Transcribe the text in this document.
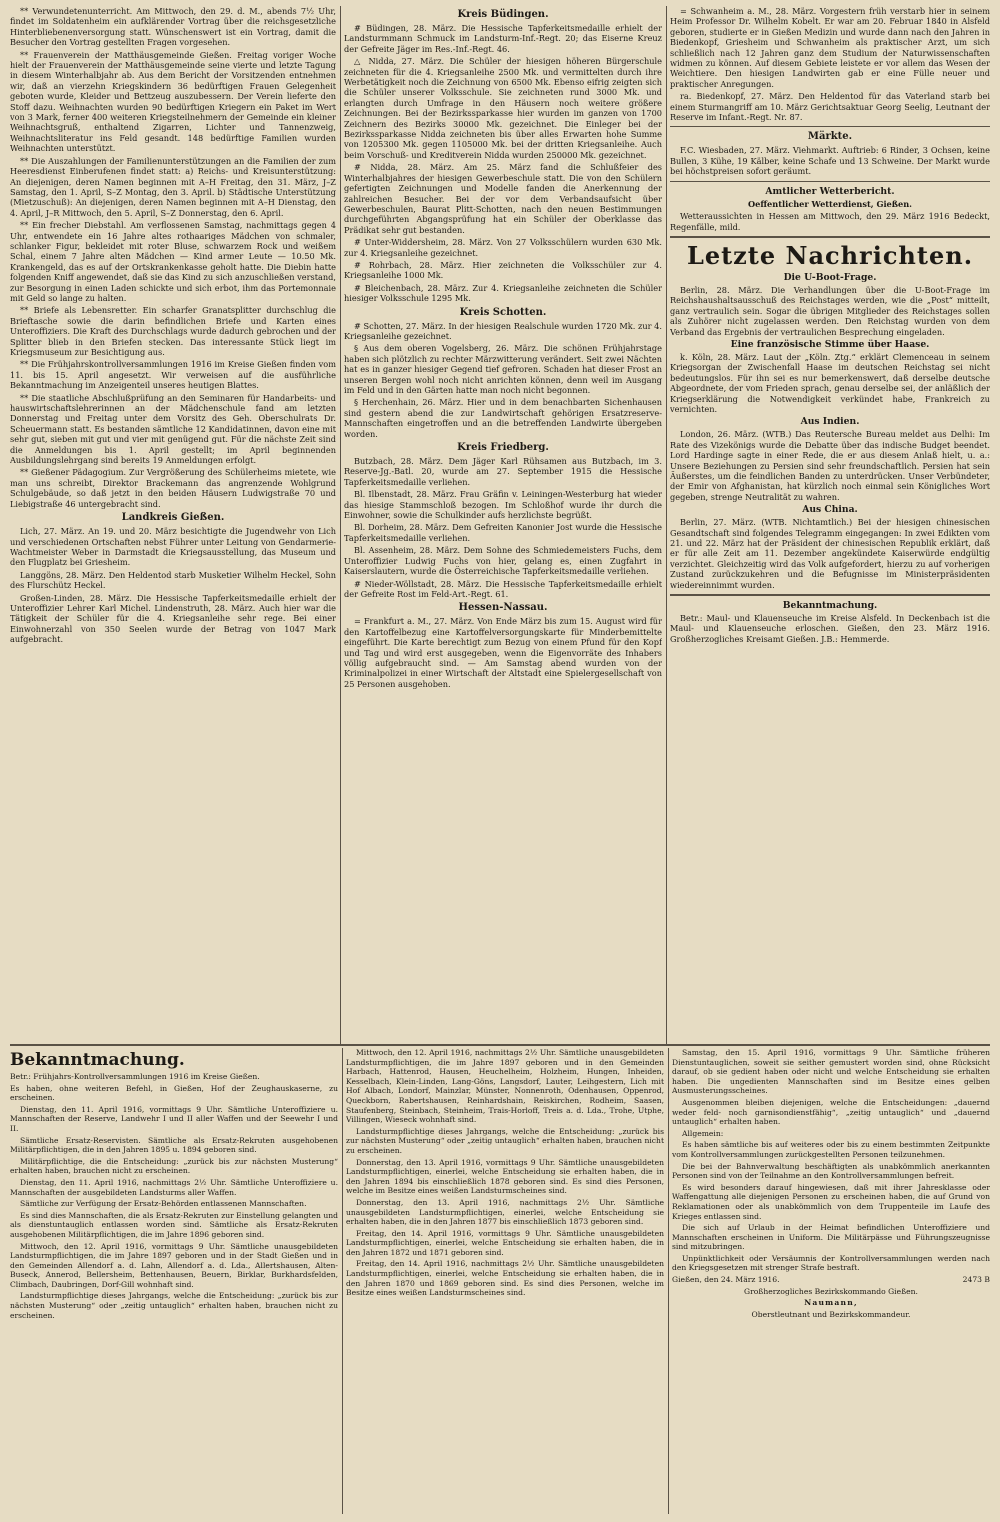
** Verwundetenunterricht. Am Mittwoch, den 29. d. M., abends 7½ Uhr, findet im Soldatenheim ein aufklärender Vortrag über die reichsgesetzliche Hinterbliebenenversorgung statt. Wünschenswert ist ein Vortrag, damit die Besucher den Vortrag gestellten Fragen vorgesehen.

** Frauenverein der Matthäusgemeinde Gießen. Freitag voriger Woche hielt der Frauenverein der Matthäusgemeinde seine vierte und letzte Tagung in diesem Winterhalbjahr ab. Aus dem Bericht der Vorsitzenden entnehmen wir, daß an vierzehn Kriegskindern 36 bedürftigen Frauen Gelegenheit geboten wurde, Kleider und Bettzeug auszubessern. Der Verein lieferte den Stoff dazu. Weihnachten wurden 90 bedürftigen Kriegern ein Paket im Wert von 3 Mark, ferner 400 weiteren Kriegsteilnehmern der Gemeinde ein kleiner Weihnachtsgruß, enthaltend Zigarren, Lichter und Tannenzweig, Weihnachtsliteratur ins Feld gesandt. 148 bedürftige Familien wurden Weihnachten unterstützt.

** Die Auszahlungen der Familienunterstützungen an die Familien der zum Heeresdienst Einberufenen findet statt: a) Reichs- und Kreisunterstützung: An diejenigen, deren Namen beginnen mit A–H Freitag, den 31. März, J–Z Samstag, den 1. April, S–Z Montag, den 3. April. b) Städtische Unterstützung (Mietzuschuß): An diejenigen, deren Namen beginnen mit A–H Dienstag, den 4. April, J–R Mittwoch, den 5. April, S–Z Donnerstag, den 6. April.

** Ein frecher Diebstahl. Am verflossenen Samstag, nachmittags gegen 4 Uhr, entwendete ein 16 Jahre altes rothaariges Mädchen von schmaler, schlanker Figur, bekleidet mit roter Bluse, schwarzem Rock und weißem Schal, einem 7 Jahre alten Mädchen — Kind armer Leute — 10.50 Mk. Krankengeld, das es auf der Ortskrankenkasse geholt hatte. Die Diebin hatte folgenden Kniff angewendet, daß sie das Kind zu sich anzuschließen verstand, zur Besorgung in einen Laden schickte und sich erbot, ihm das Portemonnaie mit Geld so lange zu halten.

** Briefe als Lebensretter. Ein scharfer Granatsplitter durchschlug die Brieftasche sowie die darin befindlichen Briefe und Karten eines Unteroffiziers. Die Kraft des Durchschlags wurde dadurch gebrochen und der Splitter blieb in den Briefen stecken. Das interessante Stück liegt im Kriegsmuseum zur Besichtigung aus.

** Die Frühjahrskontrollversammlungen 1916 im Kreise Gießen finden vom 11. bis 15. April angesetzt. Wir verweisen auf die ausführliche Bekanntmachung im Anzeigenteil unseres heutigen Blattes.

** Die staatliche Abschlußprüfung an den Seminaren für Handarbeits- und hauswirtschaftslehrerinnen an der Mädchenschule fand am letzten Donnerstag und Freitag unter dem Vorsitz des Geh. Oberschulrats Dr. Scheuermann statt. Es bestanden sämtliche 12 Kandidatinnen, davon eine mit sehr gut, sieben mit gut und vier mit genügend gut. Für die nächste Zeit sind die Anmeldungen bis 1. April gestellt; im April beginnenden Ausbildungslehrgang sind bereits 19 Anmeldungen erfolgt.

** Gießener Pädagogium. Zur Vergrößerung des Schülerheims mietete, wie man uns schreibt, Direktor Brackemann das angrenzende Wohlgrund Schulgebäude, so daß jetzt in den beiden Häusern Ludwigstraße 70 und Liebigstraße 46 untergebracht sind.

Landkreis Gießen.

Lich, 27. März. An 19. und 20. März besichtigte die Jugendwehr von Lich und verschiedenen Ortschaften nebst Führer unter Leitung von Gendarmerie-Wachtmeister Weber in Darmstadt die Kriegsausstellung, das Museum und den Flugplatz bei Griesheim.

Langgöns, 28. März. Den Heldentod starb Musketier Wilhelm Heckel, Sohn des Flurschütz Heckel.

Großen-Linden, 28. März. Die Hessische Tapferkeitsmedaille erhielt der Unteroffizier Lehrer Karl Michel. Lindenstruth, 28. März. Auch hier war die Tätigkeit der Schüler für die 4. Kriegsanleihe sehr rege. Bei einer Einwohnerzahl von 350 Seelen wurde der Betrag von 1047 Mark aufgebracht.

Kreis Büdingen.

# Büdingen, 28. März. Die Hessische Tapferkeitsmedaille erhielt der Landsturmmann Schmuck im Landsturm-Inf.-Regt. 20; das Eiserne Kreuz der Gefreite Jäger im Res.-Inf.-Regt. 46.

△ Nidda, 27. März. Die Schüler der hiesigen höheren Bürgerschule zeichneten für die 4. Kriegsanleihe 2500 Mk. und vermittelten durch ihre Werbetätigkeit noch die Zeichnung von 6500 Mk. Ebenso eifrig zeigten sich die Schüler unserer Volksschule. Sie zeichneten rund 3000 Mk. und erlangten durch Umfrage in den Häusern noch weitere größere Zeichnungen. Bei der Bezirkssparkasse hier wurden im ganzen von 1700 Zeichnern des Bezirks 30000 Mk. gezeichnet. Die Einleger bei der Bezirkssparkasse Nidda zeichneten bis über alles Erwarten hohe Summe von 1205300 Mk. gegen 1105000 Mk. bei der dritten Kriegsanleihe. Auch beim Vorschuß- und Kreditverein Nidda wurden 250000 Mk. gezeichnet.

# Nidda, 28. März. Am 25. März fand die Schlußfeier des Winterhalbjahres der hiesigen Gewerbeschule statt. Die von den Schülern gefertigten Zeichnungen und Modelle fanden die Anerkennung der zahlreichen Besucher. Bei der vor dem Verbandsaufsicht über Gewerbeschulen, Baurat Plitt-Schotten, nach den neuen Bestimmungen durchgeführten Abgangsprüfung hat ein Schüler der Oberklasse das Prädikat sehr gut bestanden.

# Unter-Widdersheim, 28. März. Von 27 Volksschülern wurden 630 Mk. zur 4. Kriegsanleihe gezeichnet.

# Rohrbach, 28. März. Hier zeichneten die Volksschüler zur 4. Kriegsanleihe 1000 Mk.

# Bleichenbach, 28. März. Zur 4. Kriegsanleihe zeichneten die Schüler hiesiger Volksschule 1295 Mk.

Kreis Schotten.

# Schotten, 27. März. In der hiesigen Realschule wurden 1720 Mk. zur 4. Kriegsanleihe gezeichnet.

§ Aus dem oberen Vogelsberg, 26. März. Die schönen Frühjahrstage haben sich plötzlich zu rechter Märzwitterung verändert. Seit zwei Nächten hat es in ganzer hiesiger Gegend tief gefroren. Schaden hat dieser Frost an unseren Bergen wohl noch nicht anrichten können, denn weil im Ausgang im Feld und in den Gärten hatte man noch nicht begonnen.

§ Herchenhain, 26. März. Hier und in dem benachbarten Sichenhausen sind gestern abend die zur Landwirtschaft gehörigen Ersatzreserve-Mannschaften eingetroffen und an die betreffenden Landwirte übergeben worden.

Kreis Friedberg.

Butzbach, 28. März. Dem Jäger Karl Rühsamen aus Butzbach, im 3. Reserve-Jg.-Batl. 20, wurde am 27. September 1915 die Hessische Tapferkeitsmedaille verliehen.

Bl. Ilbenstadt, 28. März. Frau Gräfin v. Leiningen-Westerburg hat wieder das hiesige Stammschloß bezogen. Im Schloßhof wurde ihr durch die Einwohner, sowie die Schulkinder aufs herzlichste begrüßt.

Bl. Dorheim, 28. März. Dem Gefreiten Kanonier Jost wurde die Hessische Tapferkeitsmedaille verliehen.

Bl. Assenheim, 28. März. Dem Sohne des Schmiedemeisters Fuchs, dem Unteroffizier Ludwig Fuchs von hier, gelang es, einen Zugfahrt in Kaiserslautern, wurde die Österreichische Tapferkeitsmedaille verliehen.

# Nieder-Wöllstadt, 28. März. Die Hessische Tapferkeitsmedaille erhielt der Gefreite Rost im Feld-Art.-Regt. 61.

Hessen-Nassau.

= Frankfurt a. M., 27. März. Von Ende März bis zum 15. August wird für den Kartoffelbezug eine Kartoffelversorgungskarte für Minderbemittelte eingeführt. Die Karte berechtigt zum Bezug von einem Pfund für den Kopf und Tag und wird erst ausgegeben, wenn die Eigenvorräte des Inhabers völlig aufgebraucht sind. — Am Samstag abend wurden von der Kriminalpolizei in einer Wirtschaft der Altstadt eine Spielergesellschaft von 25 Personen ausgehoben.

= Schwanheim a. M., 28. März. Vorgestern früh verstarb hier in seinem Heim Professor Dr. Wilhelm Kobelt. Er war am 20. Februar 1840 in Alsfeld geboren, studierte er in Gießen Medizin und wurde dann nach den Jahren in Biedenkopf, Griesheim und Schwanheim als praktischer Arzt, um sich schließlich nach 12 Jahren ganz dem Studium der Naturwissenschaften widmen zu können. Auf diesem Gebiete leistete er vor allem das Wesen der Weichtiere. Den hiesigen Landwirten gab er eine Fülle neuer und praktischer Anregungen.

ra. Biedenkopf, 27. März. Den Heldentod für das Vaterland starb bei einem Sturmangriff am 10. März Gerichtsaktuar Georg Seelig, Leutnant der Reserve im Infant.-Regt. Nr. 87.

Märkte.

F.C. Wiesbaden, 27. März. Viehmarkt. Auftrieb: 6 Rinder, 3 Ochsen, keine Bullen, 3 Kühe, 19 Kälber, keine Schafe und 13 Schweine. Der Markt wurde bei höchstpreisen sofort geräumt.

Amtlicher Wetterbericht.

Oeffentlicher Wetterdienst, Gießen.

Wetteraussichten in Hessen am Mittwoch, den 29. März 1916 Bedeckt, Regenfälle, mild.

Letzte Nachrichten.
Die U-Boot-Frage.

Berlin, 28. März. Die Verhandlungen über die U-Boot-Frage im Reichshaushaltsausschuß des Reichstages werden, wie die „Post“ mitteilt, ganz vertraulich sein. Sogar die übrigen Mitglieder des Reichstages sollen als Zuhörer nicht zugelassen werden. Den Reichstag wurden von dem Verband das Ergebnis der vertraulichen Besprechung eingeladen.

Eine französische Stimme über Haase.

k. Köln, 28. März. Laut der „Köln. Ztg.“ erklärt Clemenceau in seinem Kriegsorgan der Zwischenfall Haase im deutschen Reichstag sei nicht bedeutungslos. Für ihn sei es nur bemerkenswert, daß derselbe deutsche Abgeordnete, der vom Frieden sprach, genau derselbe sei, der anläßlich der Kriegserklärung die Notwendigkeit verkündet habe, Frankreich zu vernichten.

Aus Indien.

London, 26. März. (WTB.) Das Reutersche Bureau meldet aus Delhi: Im Rate des Vizekönigs wurde die Debatte über das indische Budget beendet. Lord Hardinge sagte in einer Rede, die er aus diesem Anlaß hielt, u. a.: Unsere Beziehungen zu Persien sind sehr freundschaftlich. Persien hat sein Äußerstes, um die feindlichen Banden zu unterdrücken. Unser Verbündeter, der Emir von Afghanistan, hat kürzlich noch einmal sein Königliches Wort gegeben, strenge Neutralität zu wahren.

Aus China.

Berlin, 27. März. (WTB. Nichtamtlich.) Bei der hiesigen chinesischen Gesandtschaft sind folgendes Telegramm eingegangen: In zwei Edikten vom 21. und 22. März hat der Präsident der chinesischen Republik erklärt, daß er für alle Zeit am 11. Dezember angekündete Kaiserwürde endgültig verzichtet. Gleichzeitig wird das Volk aufgefordert, hierzu zu auf vorherigen Zustand zurückzukehren und die Befugnisse im Ministerpräsidenten wiedereinnimmt wurden.

Bekanntmachung.

Betr.: Maul- und Klauenseuche im Kreise Alsfeld. In Deckenbach ist die Maul- und Klauenseuche erloschen. Gießen, den 23. März 1916. Großherzogliches Kreisamt Gießen. J.B.: Hemmerde.

Bekanntmachung.

Betr.: Frühjahrs-Kontrollversammlungen 1916 im Kreise Gießen.

Es haben, ohne weiteren Befehl, in Gießen, Hof der Zeughauskaserne, zu erscheinen.

Dienstag, den 11. April 1916, vormittags 9 Uhr. Sämtliche Unteroffiziere u. Mannschaften der Reserve, Landwehr I und II aller Waffen und der Seewehr I und II.

Sämtliche Ersatz-Reservisten. Sämtliche als Ersatz-Rekruten ausgehobenen Militärpflichtigen, die in den Jahren 1895 u. 1894 geboren sind.

Militärpflichtige, die die Entscheidung: „zurück bis zur nächsten Musterung“ erhalten haben, brauchen nicht zu erscheinen.

Dienstag, den 11. April 1916, nachmittags 2½ Uhr. Sämtliche Unteroffiziere u. Mannschaften der ausgebildeten Landsturms aller Waffen.

Sämtliche zur Verfügung der Ersatz-Behörden entlassenen Mannschaften.

Es sind dies Mannschaften, die als Ersatz-Rekruten zur Einstellung gelangten und als dienstuntauglich entlassen worden sind. Sämtliche als Ersatz-Rekruten ausgehobenen Militärpflichtigen, die im Jahre 1896 geboren sind.

Mittwoch, den 12. April 1916, vormittags 9 Uhr. Sämtliche unausgebildeten Landsturmpflichtigen, die im Jahre 1897 geboren und in der Stadt Gießen und in den Gemeinden Allendorf a. d. Lahn, Allendorf a. d. Lda., Allertshausen, Alten-Buseck, Annerod, Bellersheim, Bettenhausen, Beuern, Birklar, Burkhardsfelden, Climbach, Daubringen, Dorf-Gill wohnhaft sind.

Landsturmpflichtige dieses Jahrgangs, welche die Entscheidung: „zurück bis zur nächsten Musterung“ oder „zeitig untauglich“ erhalten haben, brauchen nicht zu erscheinen.

Mittwoch, den 12. April 1916, nachmittags 2½ Uhr. Sämtliche unausgebildeten Landsturmpflichtigen, die im Jahre 1897 geboren und in den Gemeinden Harbach, Hattenrod, Hausen, Heuchelheim, Holzheim, Hungen, Inheiden, Kesselbach, Klein-Linden, Lang-Göns, Langsdorf, Lauter, Leihgestern, Lich mit Hof Albach, Londorf, Mainzlar, Münster, Nonnenroth, Odenhausen, Oppenrod, Queckborn, Rabertshausen, Reinhardshain, Reiskirchen, Rodheim, Saasen, Staufenberg, Steinbach, Steinheim, Trais-Horloff, Treis a. d. Lda., Trohe, Utphe, Villingen, Wieseck wohnhaft sind.

Landsturmpflichtige dieses Jahrgangs, welche die Entscheidung: „zurück bis zur nächsten Musterung“ oder „zeitig untauglich“ erhalten haben, brauchen nicht zu erscheinen.

Donnerstag, den 13. April 1916, vormittags 9 Uhr. Sämtliche unausgebildeten Landsturmpflichtigen, einerlei, welche Entscheidung sie erhalten haben, die in den Jahren 1894 bis einschließlich 1878 geboren sind. Es sind dies Personen, welche im Besitze eines weißen Landsturmscheines sind.

Donnerstag, den 13. April 1916, nachmittags 2½ Uhr. Sämtliche unausgebildeten Landsturmpflichtigen, einerlei, welche Entscheidung sie erhalten haben, die in den Jahren 1877 bis einschließlich 1873 geboren sind.

Freitag, den 14. April 1916, vormittags 9 Uhr. Sämtliche unausgebildeten Landsturmpflichtigen, einerlei, welche Entscheidung sie erhalten haben, die in den Jahren 1872 und 1871 geboren sind.

Freitag, den 14. April 1916, nachmittags 2½ Uhr. Sämtliche unausgebildeten Landsturmpflichtigen, einerlei, welche Entscheidung sie erhalten haben, die in den Jahren 1870 und 1869 geboren sind. Es sind dies Personen, welche im Besitze eines weißen Landsturmscheines sind.

Samstag, den 15. April 1916, vormittags 9 Uhr. Sämtliche früheren Dienstuntauglichen, soweit sie seither gemustert worden sind, ohne Rücksicht darauf, ob sie gedient haben oder nicht und welche Entscheidung sie erhalten haben. Die ungedienten Mannschaften sind im Besitze eines gelben Ausmusterungsscheines.

Ausgenommen bleiben diejenigen, welche die Entscheidungen: „dauernd weder feld- noch garnisondienstfähig“, „zeitig untauglich“ und „dauernd untauglich“ erhalten haben.

Allgemein:

Es haben sämtliche bis auf weiteres oder bis zu einem bestimmten Zeitpunkte vom Kontrollversammlungen zurückgestellten Personen teilzunehmen.

Die bei der Bahnverwaltung beschäftigten als unabkömmlich anerkannten Personen sind von der Teilnahme an den Kontrollversammlungen befreit.

Es wird besonders darauf hingewiesen, daß mit ihrer Jahresklasse oder Waffengattung alle diejenigen Personen zu erscheinen haben, die auf Grund von Reklamationen oder als unabkömmlich von dem Truppenteile im Laufe des Krieges entlassen sind.

Die sich auf Urlaub in der Heimat befindlichen Unteroffiziere und Mannschaften erscheinen in Uniform. Die Militärpässe und Führungszeugnisse sind mitzubringen.

Unpünktlichkeit oder Versäumnis der Kontrollversammlungen werden nach den Kriegsgesetzen mit strenger Strafe bestraft.

Gießen, den 24. März 1916.	2473 B

Großherzogliches Bezirkskommando Gießen.

Naumann,

Oberstleutnant und Bezirkskommandeur.
